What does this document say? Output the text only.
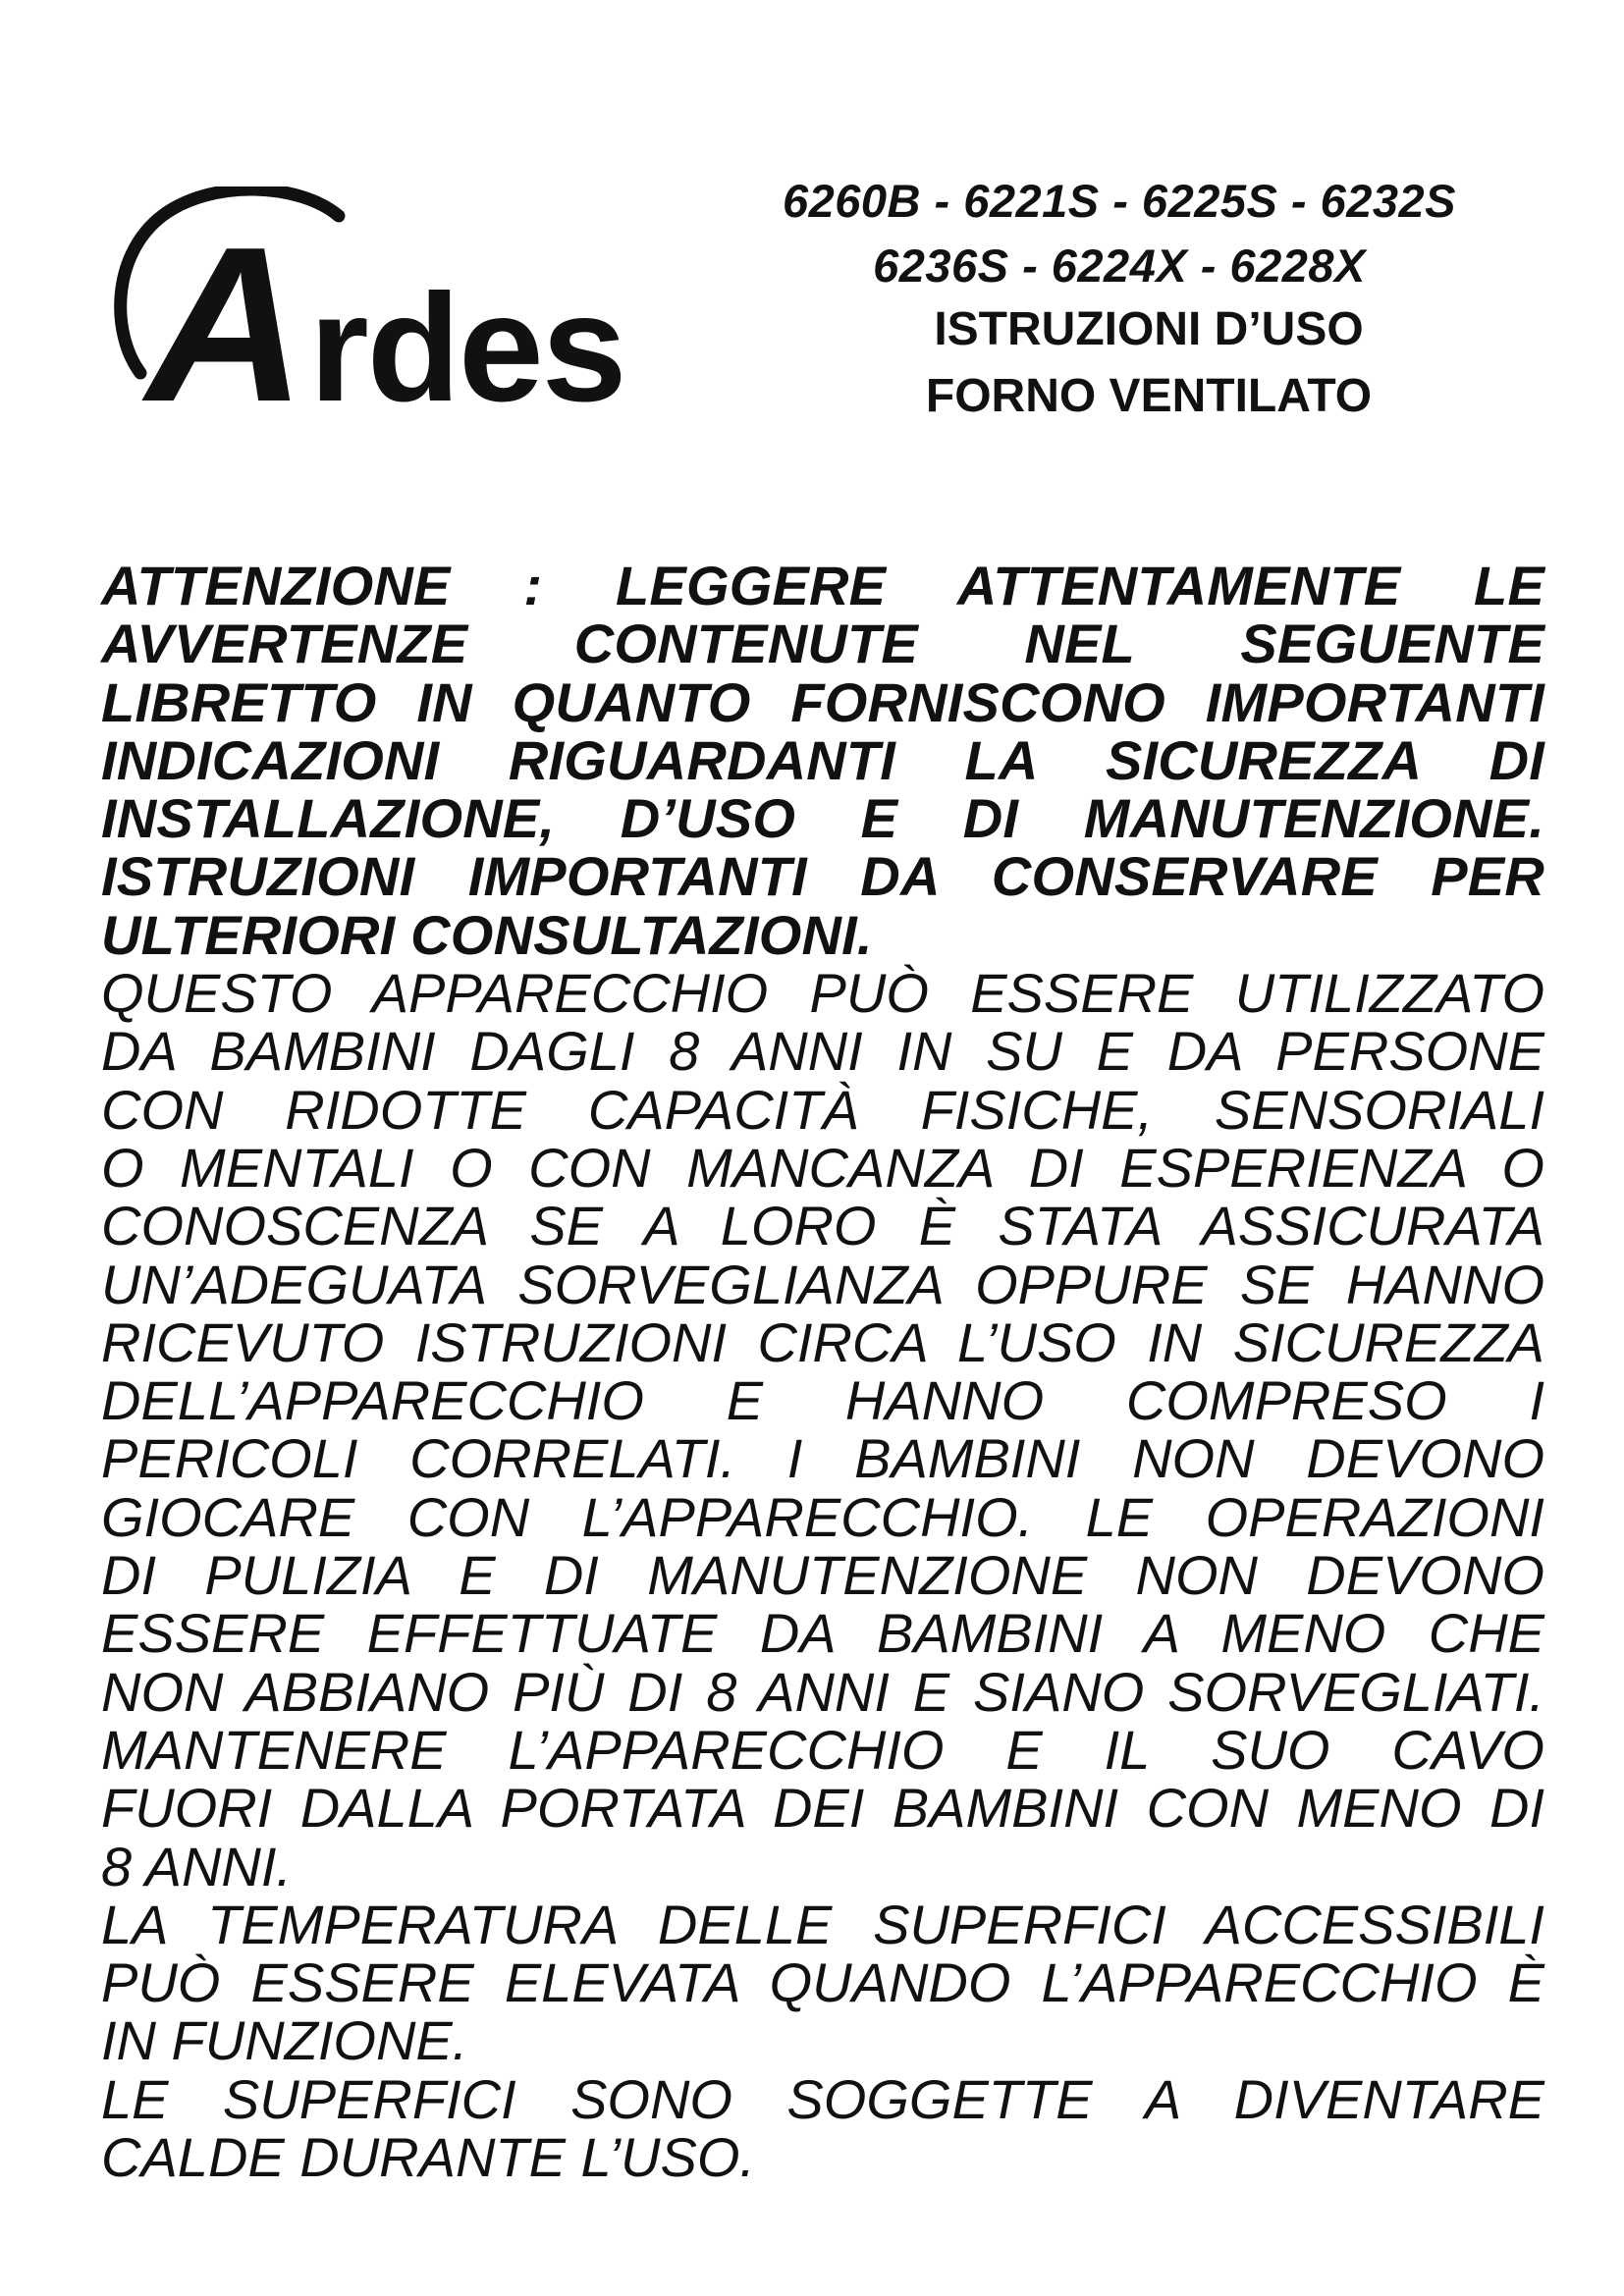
A rdes
6260B - 6221S - 6225S - 6232S
6236S - 6224X - 6228X
ISTRUZIONI D’USO
FORNO VENTILATO
ATTENZIONE : LEGGERE ATTENTAMENTE LE
AVVERTENZE CONTENUTE NEL SEGUENTE
LIBRETTO IN QUANTO FORNISCONO IMPORTANTI
INDICAZIONI RIGUARDANTI LA SICUREZZA DI
INSTALLAZIONE, D’USO E DI MANUTENZIONE.
ISTRUZIONI IMPORTANTI DA CONSERVARE PER
ULTERIORI CONSULTAZIONI.
QUESTO APPARECCHIO PUÒ ESSERE UTILIZZATO
DA BAMBINI DAGLI 8 ANNI IN SU E DA PERSONE
CON RIDOTTE CAPACITÀ FISICHE, SENSORIALI
O MENTALI O CON MANCANZA DI ESPERIENZA O
CONOSCENZA SE A LORO È STATA ASSICURATA
UN’ADEGUATA SORVEGLIANZA OPPURE SE HANNO
RICEVUTO ISTRUZIONI CIRCA L’USO IN SICUREZZA
DELL’APPARECCHIO E HANNO COMPRESO I
PERICOLI CORRELATI. I BAMBINI NON DEVONO
GIOCARE CON L’APPARECCHIO. LE OPERAZIONI
DI PULIZIA E DI MANUTENZIONE NON DEVONO
ESSERE EFFETTUATE DA BAMBINI A MENO CHE
NON ABBIANO PIÙ DI 8 ANNI E SIANO SORVEGLIATI.
MANTENERE L’APPARECCHIO E IL SUO CAVO
FUORI DALLA PORTATA DEI BAMBINI CON MENO DI
8 ANNI.
LA TEMPERATURA DELLE SUPERFICI ACCESSIBILI
PUÒ ESSERE ELEVATA QUANDO L’APPARECCHIO È
IN FUNZIONE.
LE SUPERFICI SONO SOGGETTE A DIVENTARE
CALDE DURANTE L’USO.
